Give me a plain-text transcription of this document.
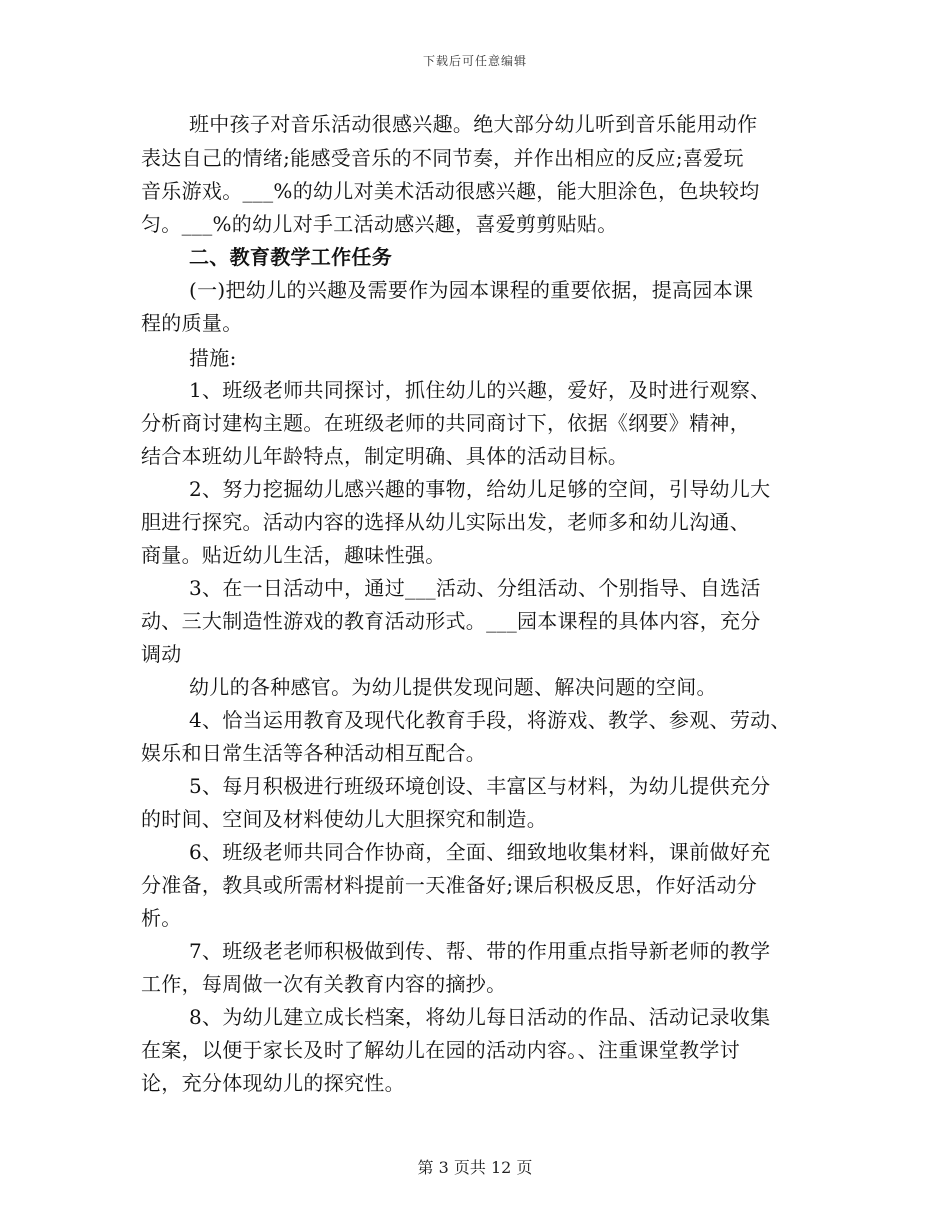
下载后可任意编辑
班中孩子对音乐活动很感兴趣。绝大部分幼儿听到音乐能用动作
表达自己的情绪;能感受音乐的不同节奏，并作出相应的反应;喜爱玩
音乐游戏。___%的幼儿对美术活动很感兴趣，能大胆涂色，色块较均
匀。___%的幼儿对手工活动感兴趣，喜爱剪剪贴贴。
二、教育教学工作任务
(一)把幼儿的兴趣及需要作为园本课程的重要依据，提高园本课
程的质量。
措施:
1、班级老师共同探讨，抓住幼儿的兴趣，爱好，及时进行观察、
分析商讨建构主题。在班级老师的共同商讨下，依据《纲要》精神，
结合本班幼儿年龄特点，制定明确、具体的活动目标。
2、努力挖掘幼儿感兴趣的事物，给幼儿足够的空间，引导幼儿大
胆进行探究。活动内容的选择从幼儿实际出发，老师多和幼儿沟通、
商量。贴近幼儿生活，趣味性强。
3、在一日活动中，通过___活动、分组活动、个别指导、自选活
动、三大制造性游戏的教育活动形式。___园本课程的具体内容，充分
调动
幼儿的各种感官。为幼儿提供发现问题、解决问题的空间。
4、恰当运用教育及现代化教育手段，将游戏、教学、参观、劳动、
娱乐和日常生活等各种活动相互配合。
5、每月积极进行班级环境创设、丰富区与材料，为幼儿提供充分
的时间、空间及材料使幼儿大胆探究和制造。
6、班级老师共同合作协商，全面、细致地收集材料，课前做好充
分准备，教具或所需材料提前一天准备好;课后积极反思，作好活动分
析。
7、班级老老师积极做到传、帮、带的作用重点指导新老师的教学
工作，每周做一次有关教育内容的摘抄。
8、为幼儿建立成长档案，将幼儿每日活动的作品、活动记录收集
在案，以便于家长及时了解幼儿在园的活动内容。、注重课堂教学讨
论，充分体现幼儿的探究性。
第 3 页共 12 页
